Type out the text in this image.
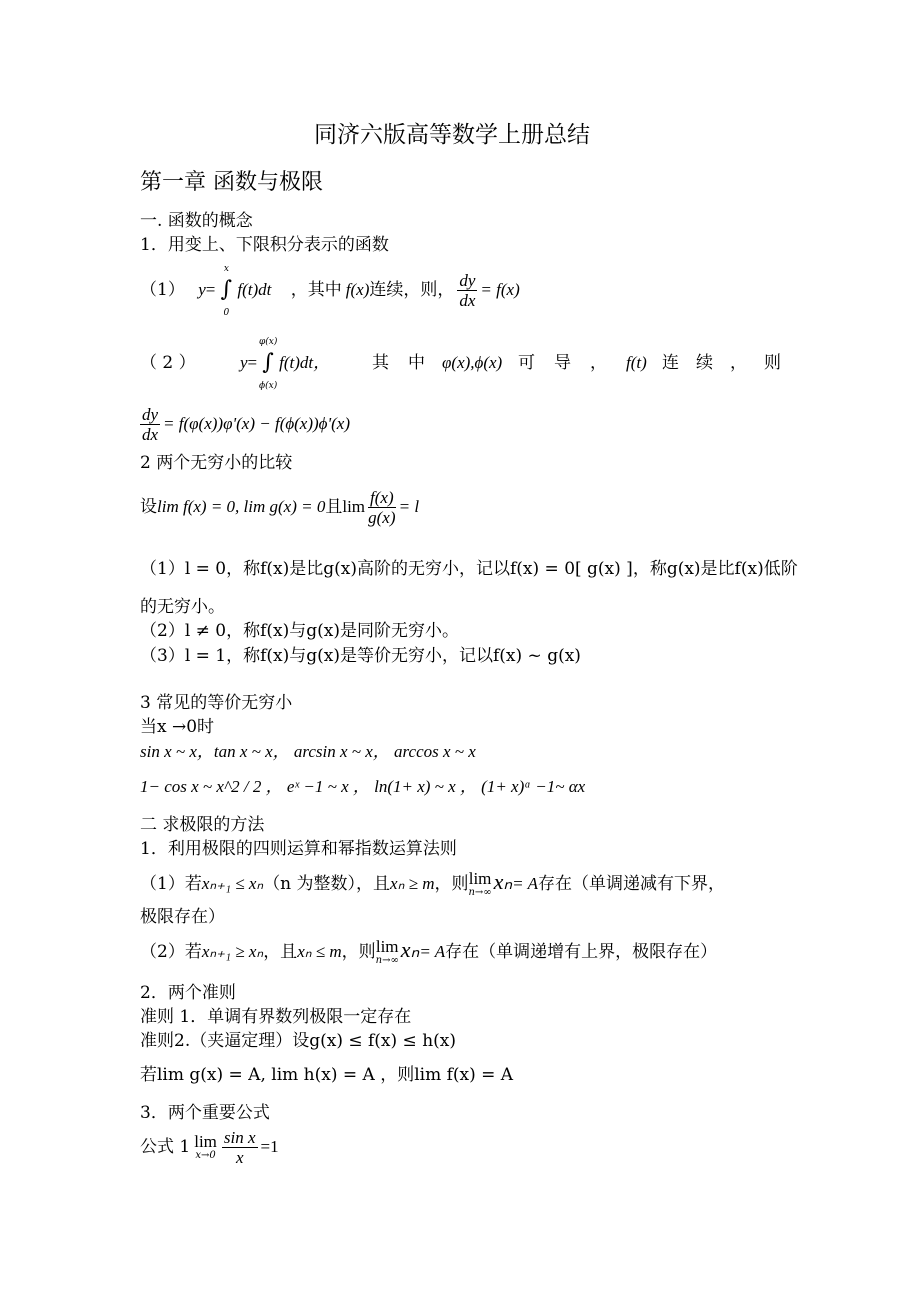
同济六版高等数学上册总结
第一章 函数与极限
一. 函数的概念
1．用变上、下限积分表示的函数
（1） y=
x
∫
0
f(t)dt ，其中 f(x)连续，则， $\frac{dy}{dx} = f(x)$
（ 2 ）	y=
φ(x)
∫
ϕ(x)
f(t)dt， 其 中 φ(x),ϕ(x) 可 导 ， f(t) 连 续 ， 则
$\frac{dy}{dx} = f(\varphi(x))\varphi'(x) - f(\phi(x))\phi'(x)$
2 两个无穷小的比较
设lim f(x) = 0, lim g(x) = 0且$\lim \frac{f(x)}{g(x)} = l$
（1）l = 0，称f(x)是比g(x)高阶的无穷小，记以f(x) = 0[ g(x) ]，称g(x)是比f(x)低阶
的无穷小。
（2）l ≠ 0，称f(x)与g(x)是同阶无穷小。
（3）l = 1，称f(x)与g(x)是等价无穷小，记以f(x) ~ g(x)
3 常见的等价无穷小
当x →0时
sin x ~ x，tan x ~ x， arcsin x ~ x， arccos x ~ x
1− cos x ~ x^2 / 2 ， eˣ −1 ~ x ， ln(1+ x) ~ x ， (1+ x)ᵅ −1~ αx
二 求极限的方法
1．利用极限的四则运算和幂指数运算法则
（1）若xₙ₊₁ ≤ xₙ（n 为整数），且xₙ ≥ m，则lim
n→∞ xₙ= A存在（单调递减有下界，
极限存在）
（2）若xₙ₊₁ ≥ xₙ，且xₙ ≤ m，则lim
n→∞ xₙ= A存在（单调递增有上界，极限存在）
2．两个准则
准则 1．单调有界数列极限一定存在
准则2.（夹逼定理）设g(x) ≤ f(x) ≤ h(x)
若lim g(x) = A, lim h(x) = A ，则lim f(x) = A
3．两个重要公式
公式 1 lim
$x\to 0 \frac{\text{sin x}}{x} =1$
